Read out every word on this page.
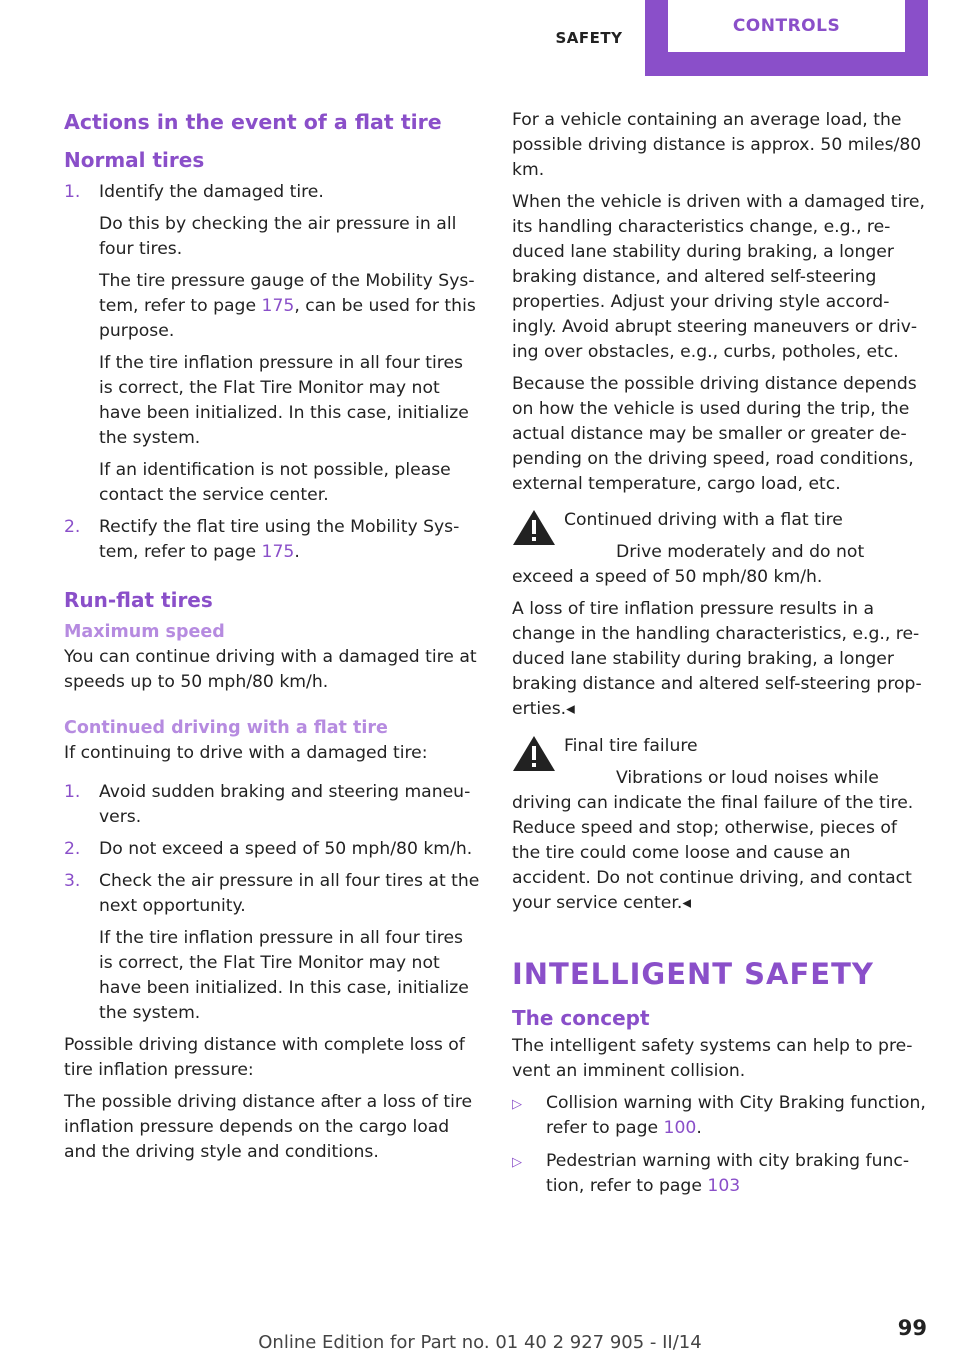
SAFETY
CONTROLS
Actions in the event of a flat tire
Normal tires
1.	Identify the damaged tire.

Do this by checking the air pressure in all four tires.

The tire pressure gauge of the Mobility Sys‐tem, refer to page 175, can be used for this purpose.

If the tire inflation pressure in all four tires is correct, the Flat Tire Monitor may not have been initialized. In this case, initialize the system.

If an identification is not possible, please contact the service center.

2.	Rectify the flat tire using the Mobility Sys‐tem, refer to page 175.

Run-flat tires
Maximum speed

You can continue driving with a damaged tire at speeds up to 50 mph/80 km/h.

Continued driving with a flat tire

If continuing to drive with a damaged tire:

1.	Avoid sudden braking and steering maneu‐vers.

2.	Do not exceed a speed of 50 mph/80 km/h.

3.	Check the air pressure in all four tires at the next opportunity.

If the tire inflation pressure in all four tires is correct, the Flat Tire Monitor may not have been initialized. In this case, initialize the system.

Possible driving distance with complete loss of tire inflation pressure:

The possible driving distance after a loss of tire inflation pressure depends on the cargo load and the driving style and conditions.

For a vehicle containing an average load, the possible driving distance is approx. 50 miles/80 km.

When the vehicle is driven with a damaged tire, its handling characteristics change, e.g., re‐duced lane stability during braking, a longer braking distance, and altered self-steering properties. Adjust your driving style accord‐ingly. Avoid abrupt steering maneuvers or driv‐ing over obstacles, e.g., curbs, potholes, etc.

Because the possible driving distance depends on how the vehicle is used during the trip, the actual distance may be smaller or greater de‐pending on the driving speed, road conditions, external temperature, cargo load, etc.

Continued driving with a flat tire

Drive moderately and do not exceed a speed of 50 mph/80 km/h.

A loss of tire inflation pressure results in a change in the handling characteristics, e.g., re‐duced lane stability during braking, a longer braking distance and altered self-steering prop‐erties.◂

Final tire failure

Vibrations or loud noises while driving can indicate the final failure of the tire. Reduce speed and stop; otherwise, pieces of the tire could come loose and cause an accident. Do not continue driving, and contact your service center.◂

INTELLIGENT SAFETY
The concept

The intelligent safety systems can help to pre‐vent an imminent collision.

▷	Collision warning with City Braking function, refer to page 100.
▷	Pedestrian warning with city braking func‐tion, refer to page 103
Online Edition for Part no. 01 40 2 927 905 - II/14
99
